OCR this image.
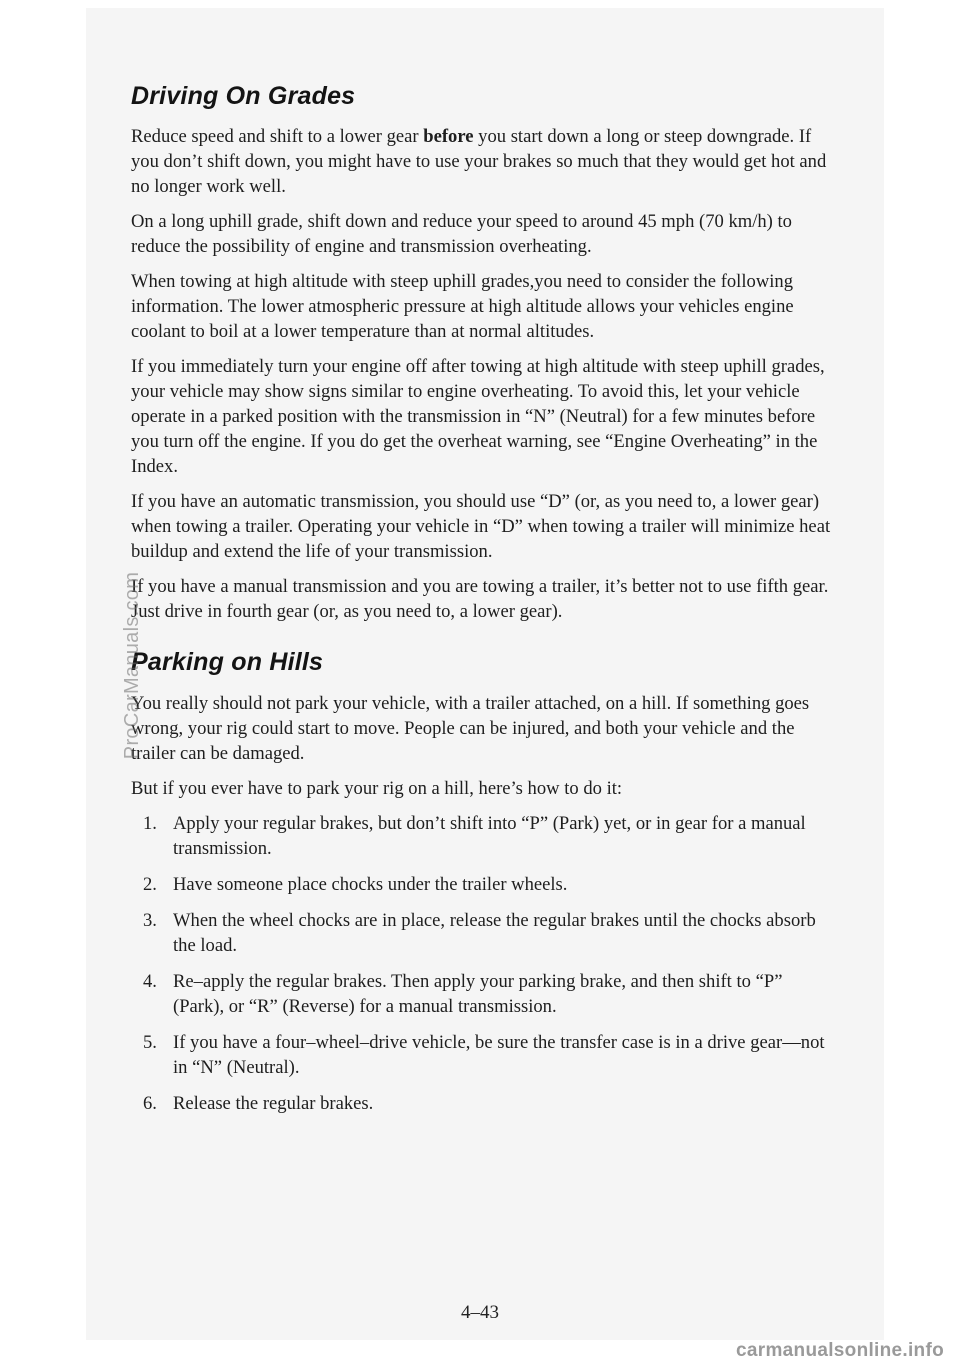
Driving On Grades

Reduce speed and shift to a lower gear before you start down a long or steep downgrade. If you don’t shift down, you might have to use your brakes so much that they would get hot and no longer work well.

On a long uphill grade, shift down and reduce your speed to around 45 mph (70 km/h) to reduce the possibility of engine and transmission overheating.

When towing at high altitude with steep uphill grades,you need to consider the following information. The lower atmospheric pressure at high altitude allows your vehicles engine coolant to boil at a lower temperature than at normal altitudes.

If you immediately turn your engine off after towing at high altitude with steep uphill grades, your vehicle may show signs similar to engine overheating. To avoid this, let your vehicle operate in a parked position with the transmission in “N” (Neutral) for a few minutes before you turn off the engine. If you do get the overheat warning, see “Engine Overheating” in the Index.

If you have an automatic transmission, you should use “D” (or, as you need to, a lower gear) when towing a trailer. Operating your vehicle in “D” when towing a trailer will minimize heat buildup and extend the life of your transmission.

If you have a manual transmission and you are towing a trailer, it’s better not to use fifth gear. Just drive in fourth gear (or, as you need to, a lower gear).

Parking on Hills

You really should not park your vehicle, with a trailer attached, on a hill. If something goes wrong, your rig could start to move. People can be injured, and both your vehicle and the trailer can be damaged.

But if you ever have to park your rig on a hill, here’s how to do it:

1. Apply your regular brakes, but don’t shift into “P” (Park) yet, or in gear for a manual transmission.
2. Have someone place chocks under the trailer wheels.
3. When the wheel chocks are in place, release the regular brakes until the chocks absorb the load.
4. Re–apply the regular brakes. Then apply your parking brake, and then shift to “P” (Park), or “R” (Reverse) for a manual transmission.
5. If you have a four–wheel–drive vehicle, be sure the transfer case is in a drive gear—not in “N” (Neutral).
6. Release the regular brakes.
4–43
ProCarManuals.com
carmanualsonline.info
